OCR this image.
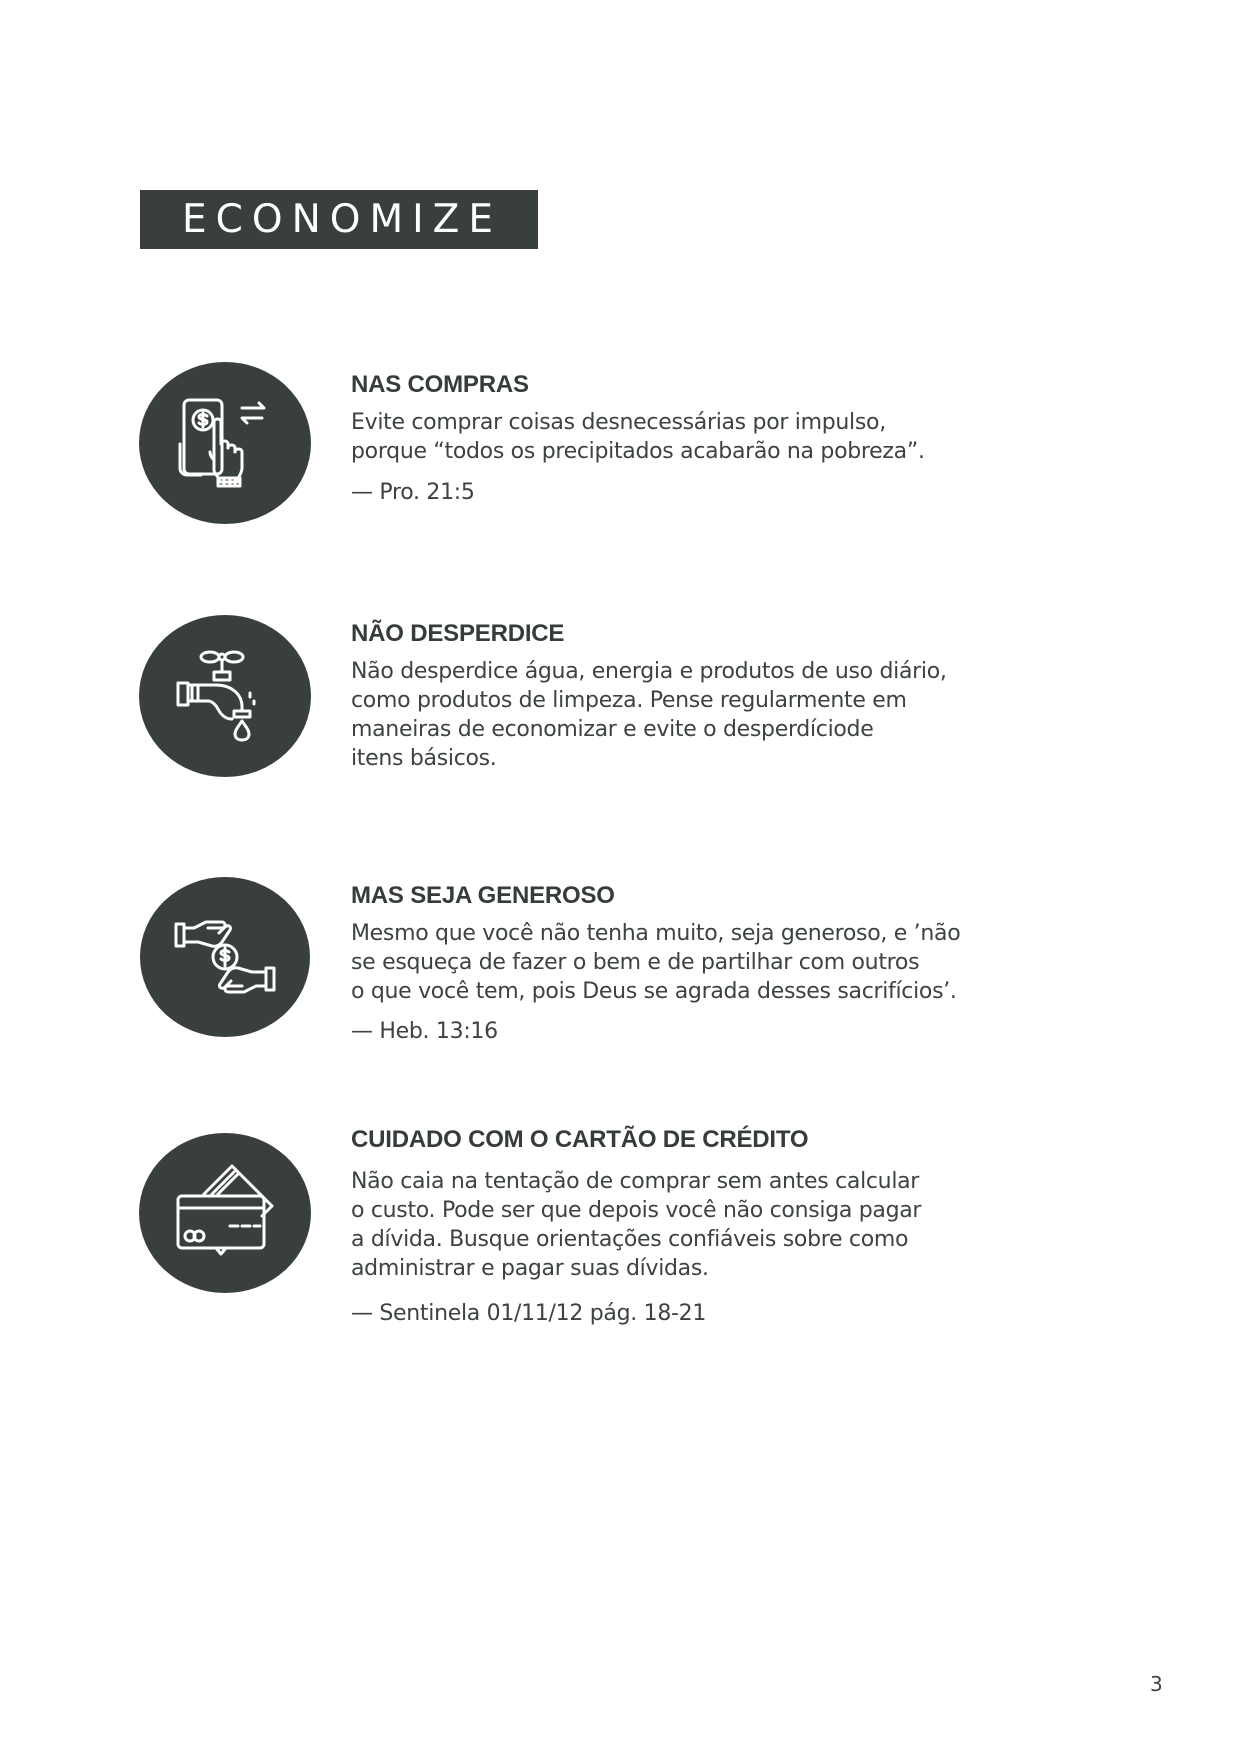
ECONOMIZE
NAS COMPRAS

Evite comprar coisas desnecessárias por impulso,
porque “todos os precipitados acabarão na pobreza”.

— Pro. 21:5

NÃO DESPERDICE

Não desperdice água, energia e produtos de uso diário,
como produtos de limpeza. Pense regularmente em
maneiras de economizar e evite o desperdíciode
itens básicos.

MAS SEJA GENEROSO

Mesmo que você não tenha muito, seja generoso, e ’não
se esqueça de fazer o bem e de partilhar com outros
o que você tem, pois Deus se agrada desses sacrifícios’.

— Heb. 13:16

CUIDADO COM O CARTÃO DE CRÉDITO

Não caia na tentação de comprar sem antes calcular
o custo. Pode ser que depois você não consiga pagar
a dívida. Busque orientações confiáveis sobre como
administrar e pagar suas dívidas.

— Sentinela 01/11/12 pág. 18-21

3
